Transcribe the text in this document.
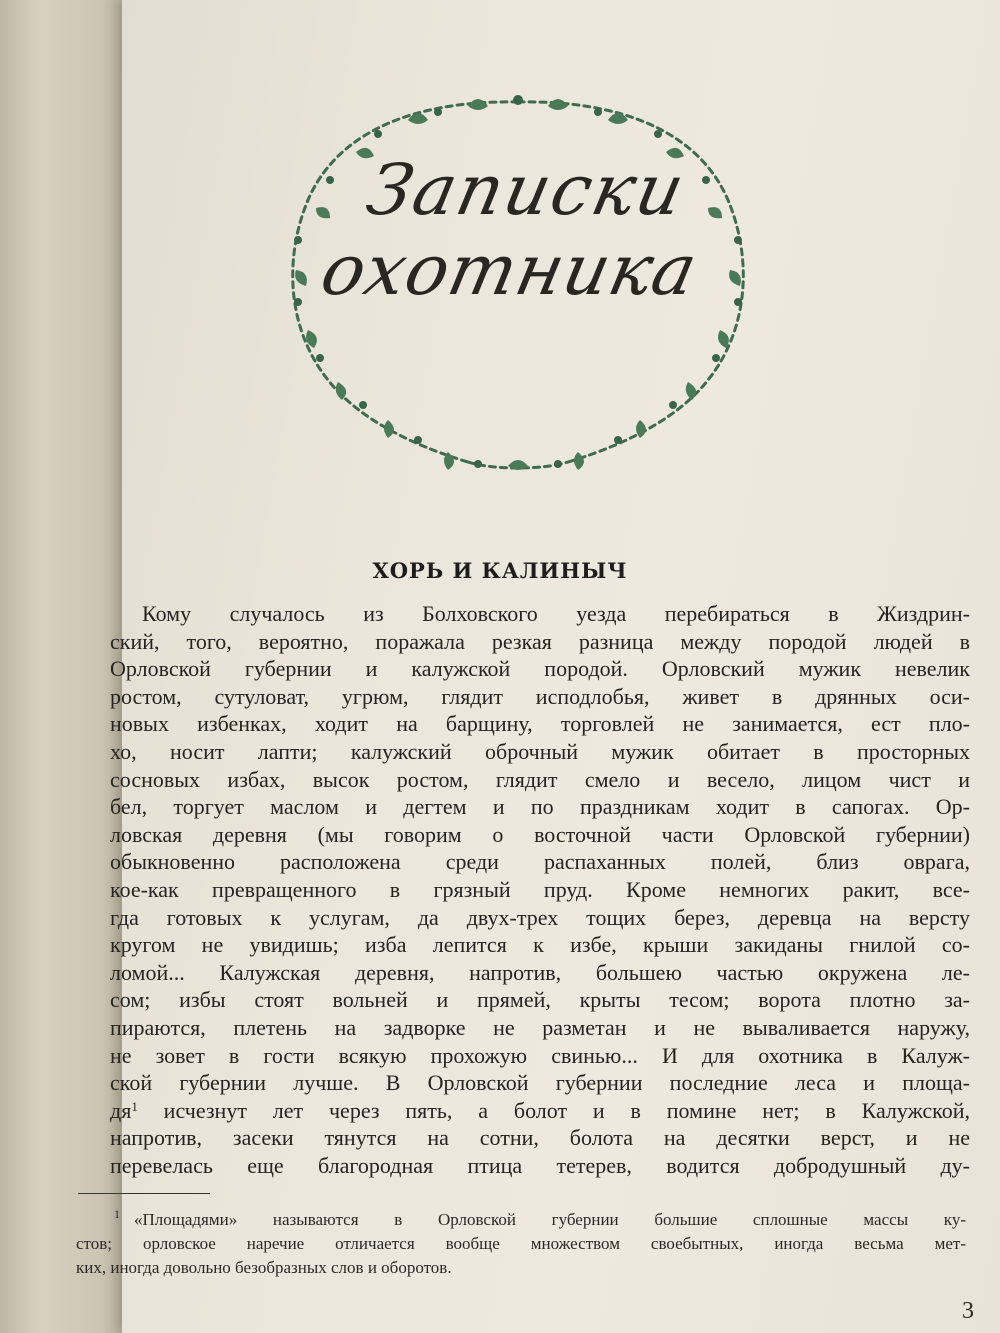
Записки
охотника
ХОРЬ И КАЛИНЫЧ
Кому случалось из Болховского уезда перебираться в Жиздрин-
ский, того, вероятно, поражала резкая разница между породой людей в
Орловской губернии и калужской породой. Орловский мужик невелик
ростом, сутуловат, угрюм, глядит исподлобья, живет в дрянных оси-
новых избенках, ходит на барщину, торговлей не занимается, ест пло-
хо, носит лапти; калужский оброчный мужик обитает в просторных
сосновых избах, высок ростом, глядит смело и весело, лицом чист и
бел, торгует маслом и дегтем и по праздникам ходит в сапогах. Ор-
ловская деревня (мы говорим о восточной части Орловской губернии)
обыкновенно расположена среди распаханных полей, близ оврага,
кое-как превращенного в грязный пруд. Кроме немногих ракит, все-
гда готовых к услугам, да двух-трех тощих берез, деревца на версту
кругом не увидишь; изба лепится к избе, крыши закиданы гнилой со-
ломой... Калужская деревня, напротив, большею частью окружена ле-
сом; избы стоят вольней и прямей, крыты тесом; ворота плотно за-
пираются, плетень на задворке не разметан и не вываливается наружу,
не зовет в гости всякую прохожую свинью... И для охотника в Калуж-
ской губернии лучше. В Орловской губернии последние леса и площа-
$дя^1$ исчезнут лет через пять, а болот и в помине нет; в Калужской,
напротив, засеки тянутся на сотни, болота на десятки верст, и не
перевелась еще благородная птица тетерев, водится добродушный ду-
$^1$ «Площадями» называются в Орловской губернии большие сплошные массы ку-
стов; орловское наречие отличается вообще множеством своебытных, иногда весьма мет-
ких, иногда довольно безобразных слов и оборотов.
3
